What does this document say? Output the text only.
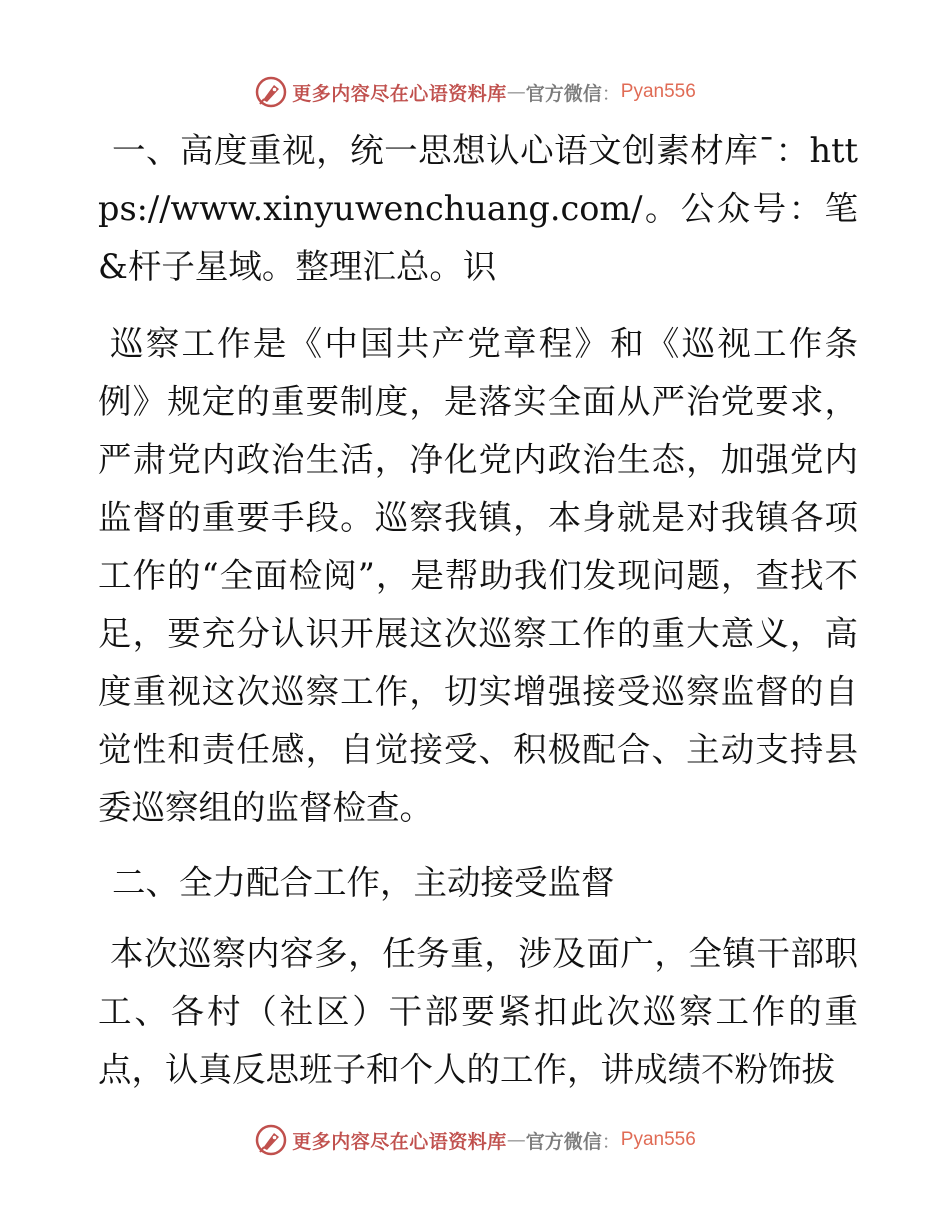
更多内容尽在心语资料库 — 官方微信 ： Pyan556

一、高度重视，统一思想认心语文创素材库¯：https://www.xinyuwenchuang.com/。公众号：笔&杆子星域。整理汇总。识

巡察工作是《中国共产党章程》和《巡视工作条例》规定的重要制度，是落实全面从严治党要求，严肃党内政治生活，净化党内政治生态，加强党内监督的重要手段。巡察我镇，本身就是对我镇各项工作的“全面检阅”，是帮助我们发现问题，查找不足，要充分认识开展这次巡察工作的重大意义，高度重视这次巡察工作，切实增强接受巡察监督的自觉性和责任感，自觉接受、积极配合、主动支持县委巡察组的监督检查。

二、全力配合工作，主动接受监督

本次巡察内容多，任务重，涉及面广，全镇干部职工、各村（社区）干部要紧扣此次巡察工作的重点，认真反思班子和个人的工作，讲成绩不粉饰拔

更多内容尽在心语资料库 — 官方微信 ： Pyan556
